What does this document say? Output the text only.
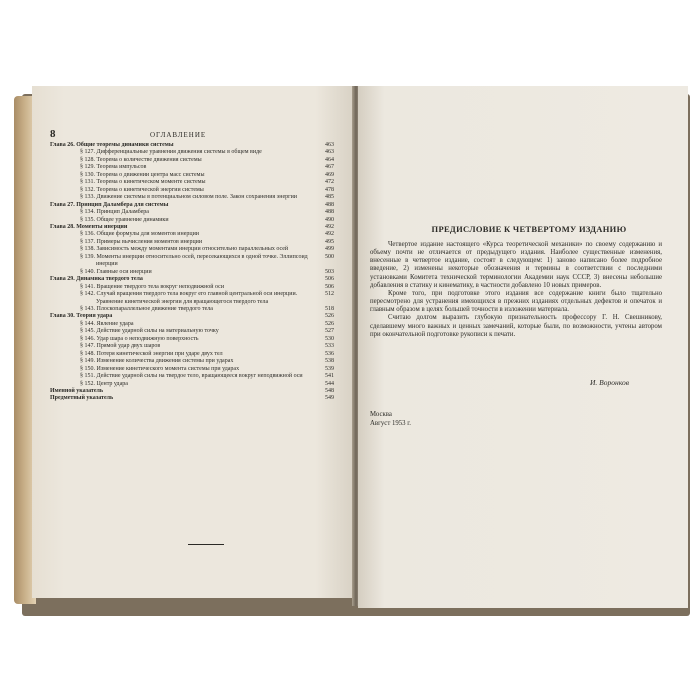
8	ОГЛАВЛЕНИЕ
Глава 26. Общие теоремы динамики системы	463
§ 127. Дифференциальные уравнения движения системы в общем виде	463
§ 128. Теорема о количестве движения системы	464
§ 129. Теорема импульсов	467
§ 130. Теорема о движении центра масс системы	469
§ 131. Теорема о кинетическом моменте системы	472
§ 132. Теорема о кинетической энергии системы	478
§ 133. Движение системы в потенциальном силовом поле. Закон сохранения энергии	485
Глава 27. Принцип Даламбера для системы	488
§ 134. Принцип Даламбера	488
§ 135. Общее уравнение динамики	490
Глава 28. Моменты инерции	492
§ 136. Общие формулы для моментов инерции	492
§ 137. Примеры вычисления моментов инерции	495
§ 138. Зависимость между моментами инерции относительно параллельных осей	499
§ 139. Моменты инерции относительно осей, пересекающихся в одной точке. Эллипсоид инерции
500
§ 140. Главные оси инерции	503
Глава 29. Динамика твердого тела	506
§ 141. Вращение твердого тела вокруг неподвижной оси	506
§ 142. Случай вращения твердого тела вокруг его главной центральной оси инерции. Уравнение кинетической энергии для вращающегося твердого тела
512
§ 143. Плоскопараллельное движение твердого тела	518
Глава 30. Теория удара	526
§ 144. Явление удара	526
§ 145. Действие ударной силы на материальную точку	527
§ 146. Удар шара о неподвижную поверхность	530
§ 147. Прямой удар двух шаров	533
§ 148. Потеря кинетической энергии при ударе двух тел	536
§ 149. Изменение количества движения системы при ударах	538
§ 150. Изменение кинетического момента системы при ударах	539
§ 151. Действие ударной силы на твердое тело, вращающееся вокруг неподвижной оси	541
§ 152. Центр удара	544
Именной указатель	548
Предметный указатель	549
ПРЕДИСЛОВИЕ К ЧЕТВЕРТОМУ ИЗДАНИЮ

Четвертое издание настоящего «Курса теоретической механики» по своему содержанию и объему почти не отличается от предыдущего издания. Наиболее существенные изменения, внесенные в четвертое издание, состоят в следующем: 1) заново написано более подробное введение, 2) изменены некоторые обозначения и термины в соответствии с последними установками Комитета технической терминологии Академии наук СССР, 3) внесены небольшие добавления в статику и кинематику, в частности добавлено 10 новых примеров.

Кроме того, при подготовке этого издания все содержание книги было тщательно пересмотрено для устранения имеющихся в прежних изданиях отдельных дефектов и опечаток и главным образом в целях большей точности в изложении материала.

Считаю долгом выразить глубокую признательность профессору Г. Н. Свешникову, сделавшему много важных и ценных замечаний, которые были, по возможности, учтены автором при окончательной подготовке рукописи к печати.

И. Воронков
Москва
Август 1953 г.
